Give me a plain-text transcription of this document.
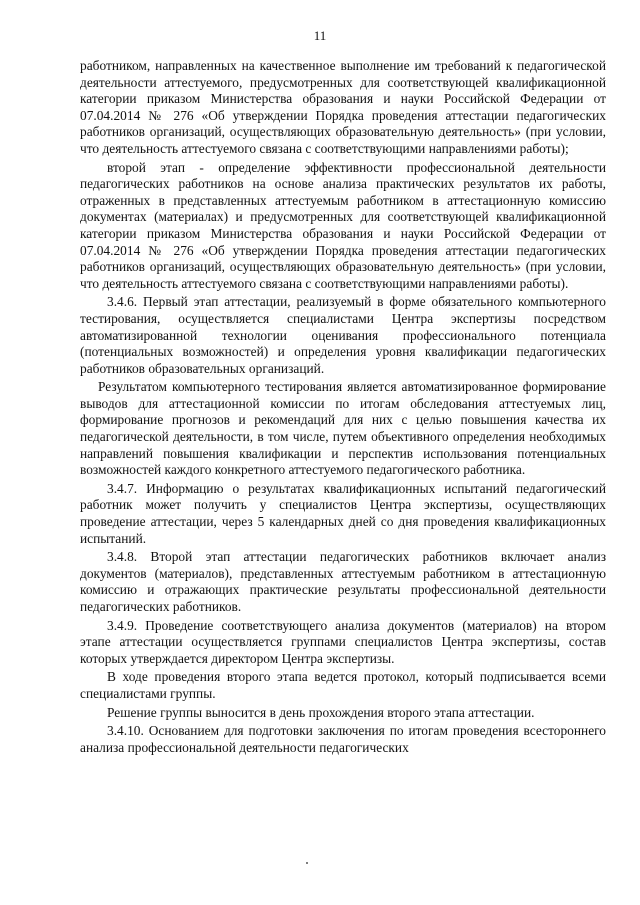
11

работником, направленных на качественное выполнение им требований к педагогической деятельности аттестуемого, предусмотренных для соответствующей квалификационной категории приказом Министерства образования и науки Российской Федерации от 07.04.2014 № 276 «Об утверждении Порядка проведения аттестации педагогических работников организаций, осуществляющих образовательную деятельность» (при условии, что деятельность аттестуемого связана с соответствующими направлениями работы);

второй этап - определение эффективности профессиональной деятельности педагогических работников на основе анализа практических результатов их работы, отраженных в представленных аттестуемым работником в аттестационную комиссию документах (материалах) и предусмотренных для соответствующей квалификационной категории приказом Министерства образования и науки Российской Федерации от 07.04.2014 № 276 «Об утверждении Порядка проведения аттестации педагогических работников организаций, осуществляющих образовательную деятельность» (при условии, что деятельность аттестуемого связана с соответствующими направлениями работы).

3.4.6. Первый этап аттестации, реализуемый в форме обязательного компьютерного тестирования, осуществляется специалистами Центра экспертизы посредством автоматизированной технологии оценивания профессионального потенциала (потенциальных возможностей) и определения уровня квалификации педагогических работников образовательных организаций.

Результатом компьютерного тестирования является автоматизированное формирование выводов для аттестационной комиссии по итогам обследования аттестуемых лиц, формирование прогнозов и рекомендаций для них с целью повышения качества их педагогической деятельности, в том числе, путем объективного определения необходимых направлений повышения квалификации и перспектив использования потенциальных возможностей каждого конкретного аттестуемого педагогического работника.

3.4.7. Информацию о результатах квалификационных испытаний педагогический работник может получить у специалистов Центра экспертизы, осуществляющих проведение аттестации, через 5 календарных дней со дня проведения квалификационных испытаний.

3.4.8. Второй этап аттестации педагогических работников включает анализ документов (материалов), представленных аттестуемым работником в аттестационную комиссию и отражающих практические результаты профессиональной деятельности педагогических работников.

3.4.9. Проведение соответствующего анализа документов (материалов) на втором этапе аттестации осуществляется группами специалистов Центра экспертизы, состав которых утверждается директором Центра экспертизы.

В ходе проведения второго этапа ведется протокол, который подписывается всеми специалистами группы.

Решение группы выносится в день прохождения второго этапа аттестации.

3.4.10. Основанием для подготовки заключения по итогам проведения всестороннего анализа профессиональной деятельности педагогических
